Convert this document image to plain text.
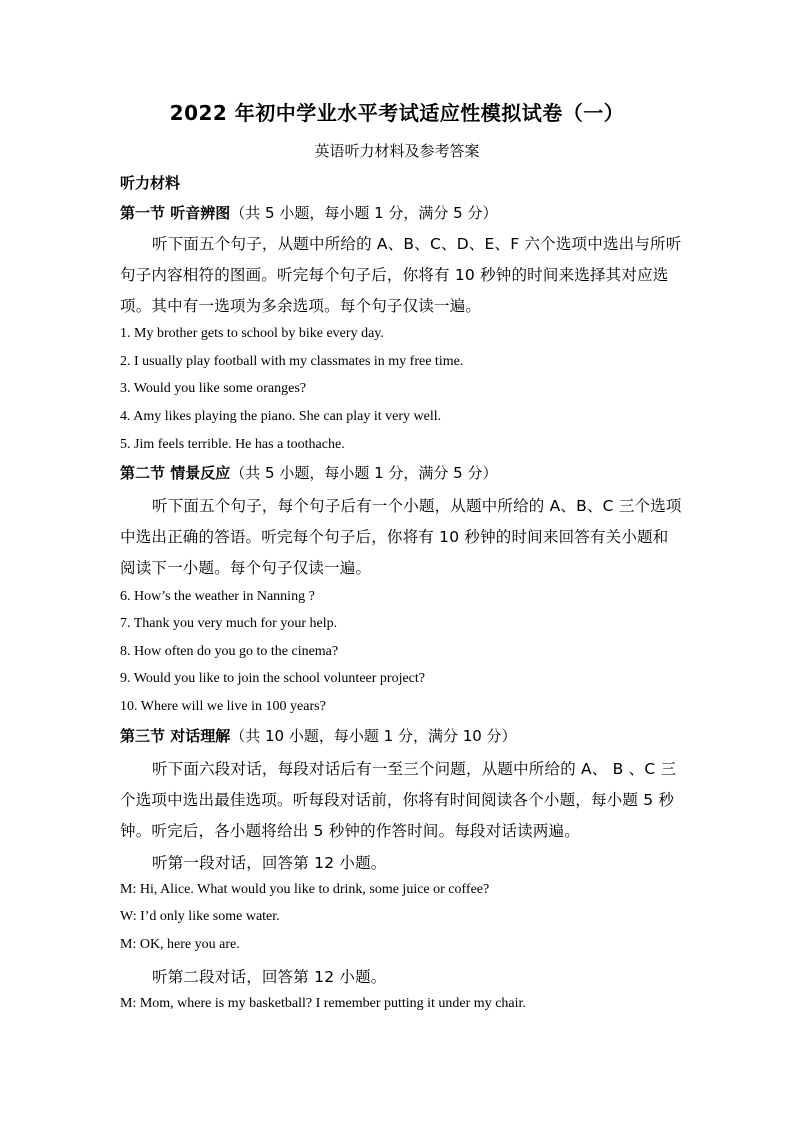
2022 年初中学业水平考试适应性模拟试卷（一）
英语听力材料及参考答案
听力材料
第一节 听音辨图（共 5 小题，每小题 1 分，满分 5 分）
听下面五个句子，从题中所给的 A、B、C、D、E、F 六个选项中选出与所听
句子内容相符的图画。听完每个句子后，你将有 10 秒钟的时间来选择其对应选
项。其中有一选项为多余选项。每个句子仅读一遍。
1. My brother gets to school by bike every day.
2. I usually play football with my classmates in my free time.
3. Would you like some oranges?
4. Amy likes playing the piano. She can play it very well.
5. Jim feels terrible. He has a toothache.
第二节 情景反应（共 5 小题，每小题 1 分，满分 5 分）
听下面五个句子，每个句子后有一个小题，从题中所给的 A、B、C 三个选项
中选出正确的答语。听完每个句子后，你将有 10 秒钟的时间来回答有关小题和
阅读下一小题。每个句子仅读一遍。
6. How’s the weather in Nanning ?
7. Thank you very much for your help.
8. How often do you go to the cinema?
9. Would you like to join the school volunteer project?
10. Where will we live in 100 years?
第三节 对话理解（共 10 小题，每小题 1 分，满分 10 分）
听下面六段对话，每段对话后有一至三个问题，从题中所给的 A、 B 、C 三
个选项中选出最佳选项。听每段对话前，你将有时间阅读各个小题，每小题 5 秒
钟。听完后，各小题将给出 5 秒钟的作答时间。每段对话读两遍。
听第一段对话，回答第 12 小题。
M: Hi, Alice. What would you like to drink, some juice or coffee?
W: I’d only like some water.
M: OK, here you are.
听第二段对话，回答第 12 小题。
M: Mom, where is my basketball? I remember putting it under my chair.
